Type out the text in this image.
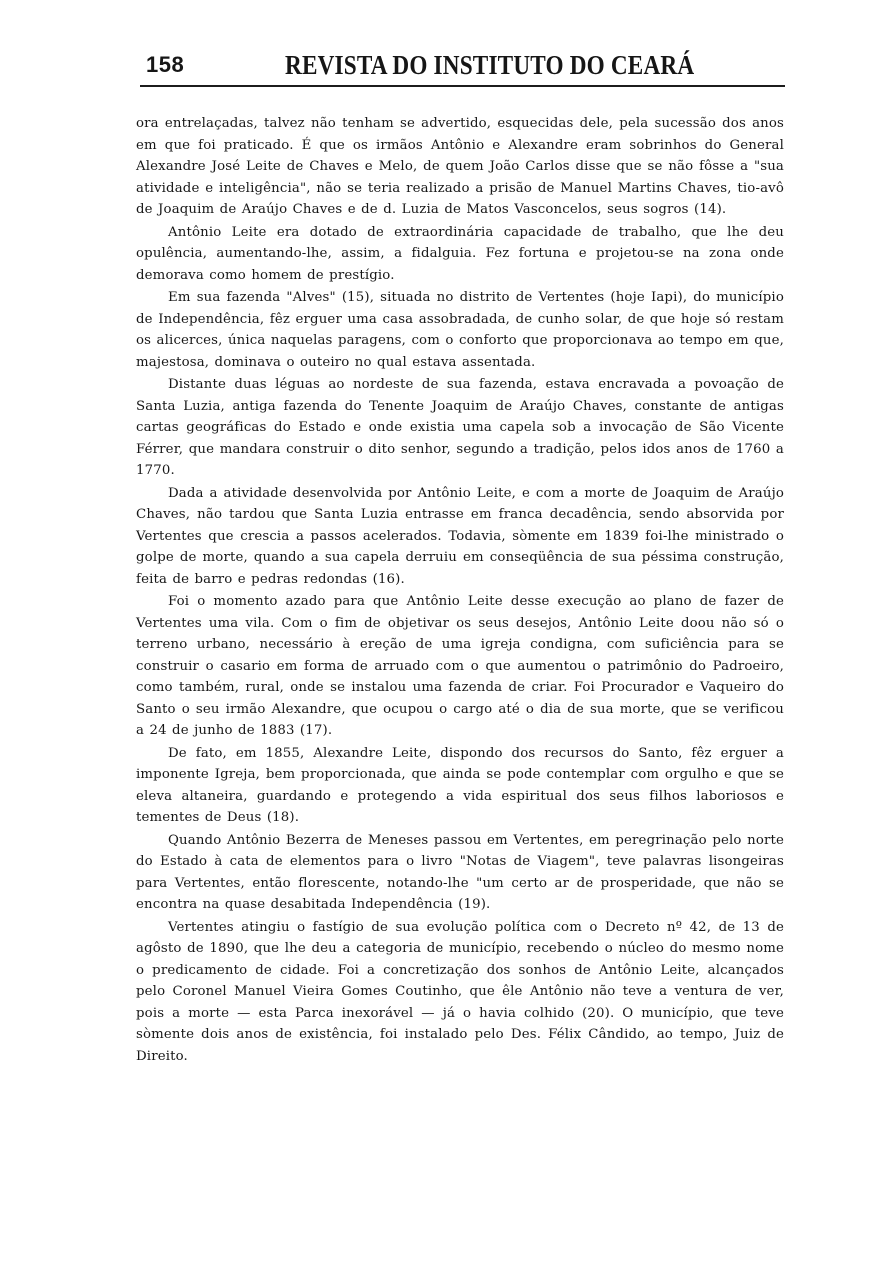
158	REVISTA DO INSTITUTO DO CEARÁ

ora entrelaçadas, talvez não tenham se advertido, esquecidas dele, pela sucessão dos anos em que foi praticado. É que os irmãos Antônio e Alexandre eram sobrinhos do General Alexandre José Leite de Chaves e Melo, de quem João Carlos disse que se não fôsse a "sua atividade e inteligência", não se teria realizado a prisão de Manuel Martins Chaves, tio-avô de Joaquim de Araújo Chaves e de d. Luzia de Matos Vasconcelos, seus sogros (14).

Antônio Leite era dotado de extraordinária capacidade de trabalho, que lhe deu opulência, aumentando-lhe, assim, a fidalguia. Fez fortuna e projetou-se na zona onde demorava como homem de prestígio.

Em sua fazenda "Alves" (15), situada no distrito de Vertentes (hoje Iapi), do município de Independência, fêz erguer uma casa assobradada, de cunho solar, de que hoje só restam os alicerces, única naquelas paragens, com o conforto que proporcionava ao tempo em que, majestosa, dominava o outeiro no qual estava assentada.

Distante duas léguas ao nordeste de sua fazenda, estava encravada a povoação de Santa Luzia, antiga fazenda do Tenente Joaquim de Araújo Chaves, constante de antigas cartas geográficas do Estado e onde existia uma capela sob a invocação de São Vicente Férrer, que mandara construir o dito senhor, segundo a tradição, pelos idos anos de 1760 a 1770.

Dada a atividade desenvolvida por Antônio Leite, e com a morte de Joaquim de Araújo Chaves, não tardou que Santa Luzia entrasse em franca decadência, sendo absorvida por Vertentes que crescia a passos acelerados. Todavia, sòmente em 1839 foi-lhe ministrado o golpe de morte, quando a sua capela derruiu em conseqüência de sua péssima construção, feita de barro e pedras redondas (16).

Foi o momento azado para que Antônio Leite desse execução ao plano de fazer de Vertentes uma vila. Com o fim de objetivar os seus desejos, Antônio Leite doou não só o terreno urbano, necessário à ereção de uma igreja condigna, com suficiência para se construir o casario em forma de arruado com o que aumentou o patrimônio do Padroeiro, como também, rural, onde se instalou uma fazenda de criar. Foi Procurador e Vaqueiro do Santo o seu irmão Alexandre, que ocupou o cargo até o dia de sua morte, que se verificou a 24 de junho de 1883 (17).

De fato, em 1855, Alexandre Leite, dispondo dos recursos do Santo, fêz erguer a imponente Igreja, bem proporcionada, que ainda se pode contemplar com orgulho e que se eleva altaneira, guardando e protegendo a vida espiritual dos seus filhos laboriosos e tementes de Deus (18).

Quando Antônio Bezerra de Meneses passou em Vertentes, em peregrinação pelo norte do Estado à cata de elementos para o livro "Notas de Viagem", teve palavras lisongeiras para Vertentes, então florescente, notando-lhe "um certo ar de prosperidade, que não se encontra na quase desabitada Independência (19).

Vertentes atingiu o fastígio de sua evolução política com o Decreto nº 42, de 13 de agôsto de 1890, que lhe deu a categoria de município, recebendo o núcleo do mesmo nome o predicamento de cidade. Foi a concretização dos sonhos de Antônio Leite, alcançados pelo Coronel Manuel Vieira Gomes Coutinho, que êle Antônio não teve a ventura de ver, pois a morte — esta Parca inexorável — já o havia colhido (20). O município, que teve sòmente dois anos de existência, foi instalado pelo Des. Félix Cândido, ao tempo, Juiz de Direito.
